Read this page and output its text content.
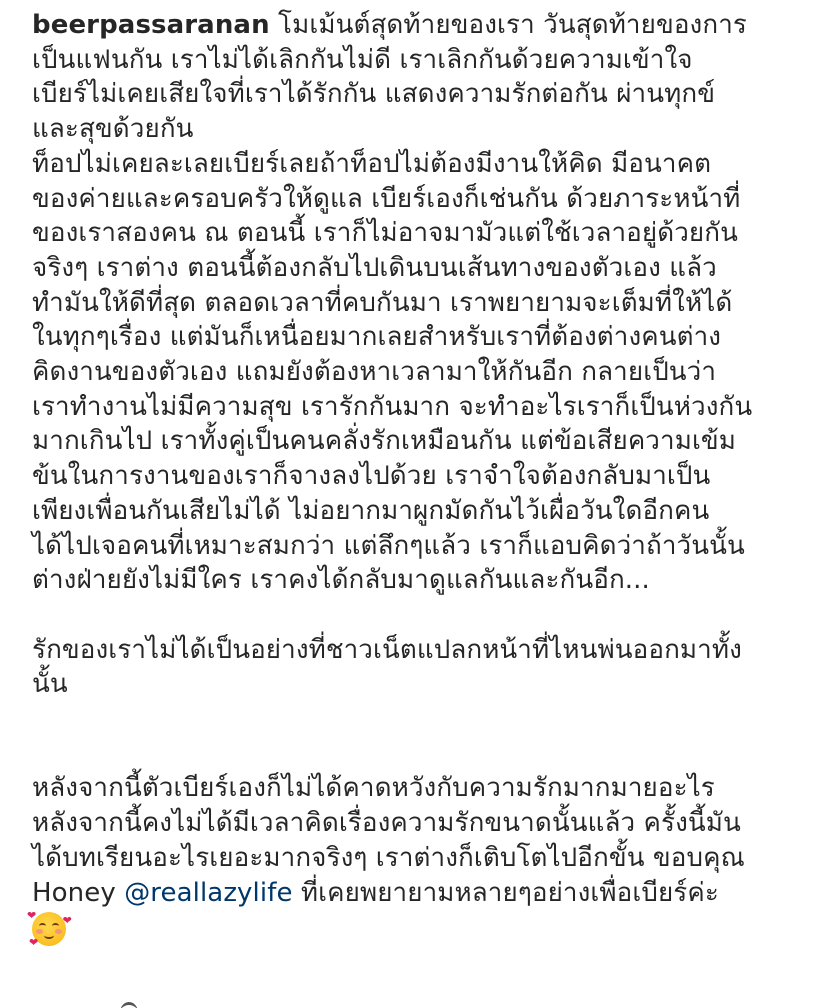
beerpassaranan โมเม้นต์สุดท้ายของเรา วันสุดท้ายของการ
เป็นแฟนกัน เราไม่ได้เลิกกันไม่ดี เราเลิกกันด้วยความเข้าใจ
เบียร์ไม่เคยเสียใจที่เราได้รักกัน แสดงความรักต่อกัน ผ่านทุกข์
และสุขด้วยกัน
ท็อปไม่เคยละเลยเบียร์เลยถ้าท็อปไม่ต้องมีงานให้คิด มีอนาคต
ของค่ายและครอบครัวให้ดูแล เบียร์เองก็เช่นกัน ด้วยภาระหน้าที่
ของเราสองคน ณ ตอนนี้ เราก็ไม่อาจมามัวแต่ใช้เวลาอยู่ด้วยกัน
จริงๆ เราต่าง ตอนนี้ต้องกลับไปเดินบนเส้นทางของตัวเอง แล้ว
ทำมันให้ดีที่สุด ตลอดเวลาที่คบกันมา เราพยายามจะเต็มที่ให้ได้
ในทุกๆเรื่อง แต่มันก็เหนื่อยมากเลยสำหรับเราที่ต้องต่างคนต่าง
คิดงานของตัวเอง แถมยังต้องหาเวลามาให้กันอีก กลายเป็นว่า
เราทำงานไม่มีความสุข เรารักกันมาก จะทำอะไรเราก็เป็นห่วงกัน
มากเกินไป เราทั้งคู่เป็นคนคลั่งรักเหมือนกัน แต่ข้อเสียความเข้ม
ข้นในการงานของเราก็จางลงไปด้วย เราจำใจต้องกลับมาเป็น
เพียงเพื่อนกันเสียไม่ได้ ไม่อยากมาผูกมัดกันไว้เผื่อวันใดอีกคน
ได้ไปเจอคนที่เหมาะสมกว่า แต่ลึกๆแล้ว เราก็แอบคิดว่าถ้าวันนั้น
ต่างฝ่ายยังไม่มีใคร เราคงได้กลับมาดูแลกันและกันอีก...
รักของเราไม่ได้เป็นอย่างที่ชาวเน็ตแปลกหน้าที่ไหนพ่นออกมาทั้ง
นั้น
หลังจากนี้ตัวเบียร์เองก็ไม่ได้คาดหวังกับความรักมากมายอะไร
หลังจากนี้คงไม่ได้มีเวลาคิดเรื่องความรักขนาดนั้นแล้ว ครั้งนี้มัน
ได้บทเรียนอะไรเยอะมากจริงๆ เราต่างก็เติบโตไปอีกขั้น ขอบคุณ
Honey @reallazylife ที่เคยพยายามหลายๆอย่างเพื่อเบียร์ค่ะ
❤ ❤
❤
